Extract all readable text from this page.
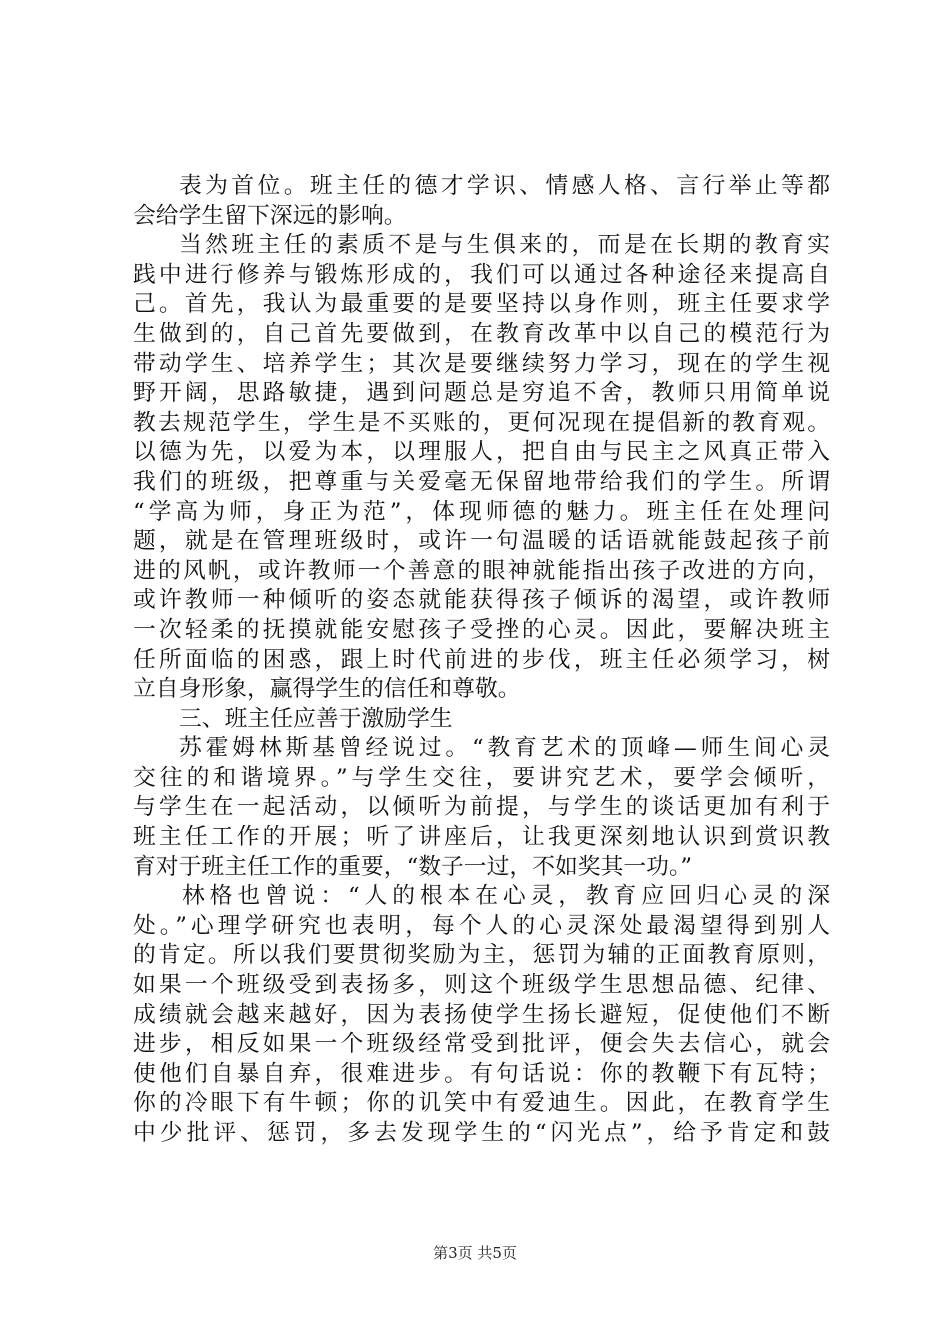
表为首位。班主任的德才学识、情感人格、言行举止等都
会给学生留下深远的影响。
当然班主任的素质不是与生俱来的，而是在长期的教育实
践中进行修养与锻炼形成的，我们可以通过各种途径来提高自
己。首先，我认为最重要的是要坚持以身作则，班主任要求学
生做到的，自己首先要做到，在教育改革中以自己的模范行为
带动学生、培养学生；其次是要继续努力学习，现在的学生视
野开阔，思路敏捷，遇到问题总是穷追不舍，教师只用简单说
教去规范学生，学生是不买账的，更何况现在提倡新的教育观。
以德为先，以爱为本，以理服人，把自由与民主之风真正带入
我们的班级，把尊重与关爱毫无保留地带给我们的学生。所谓
“学高为师，身正为范”，体现师德的魅力。班主任在处理问
题，就是在管理班级时，或许一句温暖的话语就能鼓起孩子前
进的风帆，或许教师一个善意的眼神就能指出孩子改进的方向，
或许教师一种倾听的姿态就能获得孩子倾诉的渴望，或许教师
一次轻柔的抚摸就能安慰孩子受挫的心灵。因此，要解决班主
任所面临的困惑，跟上时代前进的步伐，班主任必须学习，树
立自身形象，赢得学生的信任和尊敬。
三、班主任应善于激励学生
苏霍姆林斯基曾经说过。“教育艺术的顶峰—师生间心灵
交往的和谐境界。”与学生交往，要讲究艺术，要学会倾听，
与学生在一起活动，以倾听为前提，与学生的谈话更加有利于
班主任工作的开展；听了讲座后，让我更深刻地认识到赏识教
育对于班主任工作的重要，“数子一过，不如奖其一功。”
林格也曾说：“人的根本在心灵，教育应回归心灵的深
处。”心理学研究也表明，每个人的心灵深处最渴望得到别人
的肯定。所以我们要贯彻奖励为主，惩罚为辅的正面教育原则，
如果一个班级受到表扬多，则这个班级学生思想品德、纪律、
成绩就会越来越好，因为表扬使学生扬长避短，促使他们不断
进步，相反如果一个班级经常受到批评，便会失去信心，就会
使他们自暴自弃，很难进步。有句话说：你的教鞭下有瓦特；
你的冷眼下有牛顿；你的讥笑中有爱迪生。因此，在教育学生
中少批评、惩罚，多去发现学生的“闪光点”，给予肯定和鼓
第3页 共5页
